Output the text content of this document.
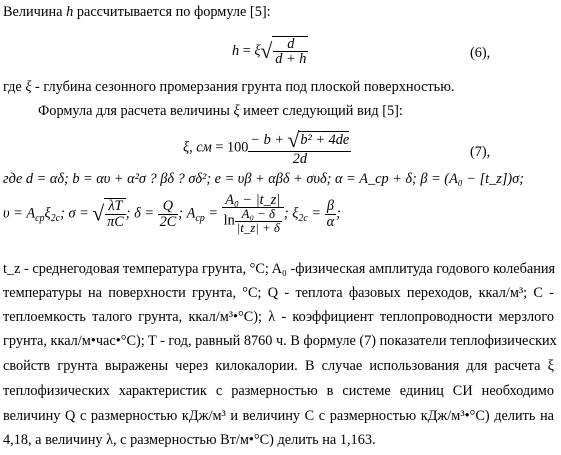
Величина h рассчитывается по формуле [5]:
$h = \xi√ \frac{d}{d + h}$	(6),
где ξ - глубина сезонного промерзания грунта под плоской поверхностью.
Формула для расчета величины ξ имеет следующий вид [5]:
ξ, см = $100 \frac{\text{− b + √b² + 4de}}{2d}$	(7),
где d = αδ; b = αυ + α²σ ? βδ ? σδ²; e = υβ + αβδ + συδ; α = A_cp + δ; β = (A₀ − [t_z])σ;
$\upsilon = A_{cp}\xi_{2c}$; σ = √ $\frac{\lambda T}{\pi C}$ ; $\delta = \frac{Q}{2C}$ ; $A_{cp} = \frac{\text{A₀ − |t\_z|}}{\ln \frac{\text{A₀ − δ}}{|t\_z| + \delta}}$ ; $\xi_{2c} = \frac{\beta}{\alpha}$ ;
t_z - среднегодовая температура грунта, °C; A₀ -физическая амплитуда годового колебания
температуры на поверхности грунта, °C; Q - теплота фазовых переходов, ккал/м³; C -
теплоемкость талого грунта, ккал/м³•°C); λ - коэффициент теплопроводности мерзлого
грунта, ккал/м•час•°C); T - год, равный 8760 ч. В формуле (7) показатели теплофизических
свойств грунта выражены через килокалории. В случае использования для расчета ξ
теплофизических характеристик с размерностью в системе единиц СИ необходимо
величину Q с размерностью кДж/м³ и величину C с размерностью кДж/м³•°C) делить на
4,18, а величину λ, с размерностью Вт/м•°C) делить на 1,163.
